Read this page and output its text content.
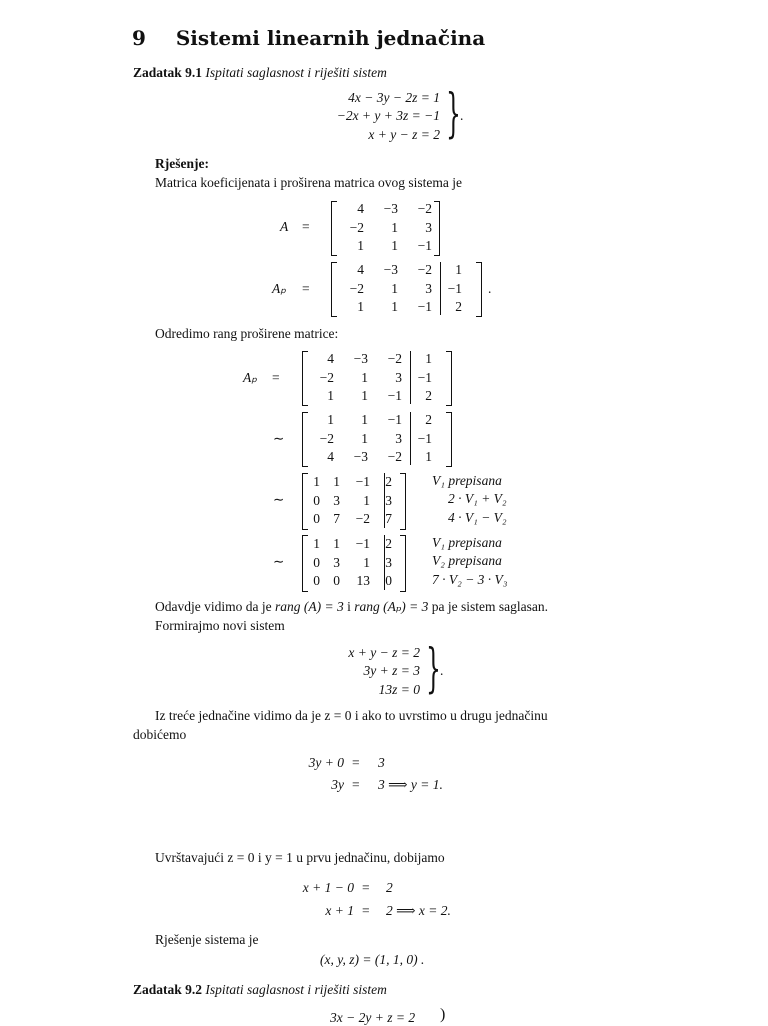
9 Sistemi linearnih jednačina
Zadatak 9.1 Ispitati saglasnost i riješiti sistem
4x − 3y − 2z = 1
−2x + y + 3z = −1
x + y − z = 2 } .
Rješenje:
Matrica koeficijenata i proširena matrica ovog sistema je
A =
4	−3	−2
−2	1	3
1	1	−1
Aₚ =
4	−3	−2	1
−2	1	3	−1
1	1	−1	2
.
Odredimo rang proširene matrice:
Aₚ =
4	−3	−2	1
−2	1	3	−1
1	1	−1	2
∼
1	1	−1	2
−2	1	3	−1
4	−3	−2	1
∼
1	1	−1	2
0	3	1	3
0	7	−2	7
V₁ prepisana
2 · V₁ + V₂
4 · V₁ − V₂
∼
1	1	−1	2
0	3	1	3
0	0	13	0
V₁ prepisana
V₂ prepisana
7 · V₂ − 3 · V₃
Odavdje vidimo da je rang (A) = 3 i rang (Aₚ) = 3 pa je sistem saglasan.
Formirajmo novi sistem
x + y − z = 2
3y + z = 3
13z = 0 } .
Iz treće jednačine vidimo da je z = 0 i ako to uvrstimo u drugu jednačinu
dobićemo
3y + 0 = 3
3y = 3 ⟹ y = 1.
Uvrštavajući z = 0 i y = 1 u prvu jednačinu, dobijamo
x + 1 − 0 = 2
x + 1 = 2 ⟹ x = 2.
Rješenje sistema je
(x, y, z) = (1, 1, 0) .
Zadatak 9.2 Ispitati saglasnost i riješiti sistem
3x − 2y + z = 2 )
